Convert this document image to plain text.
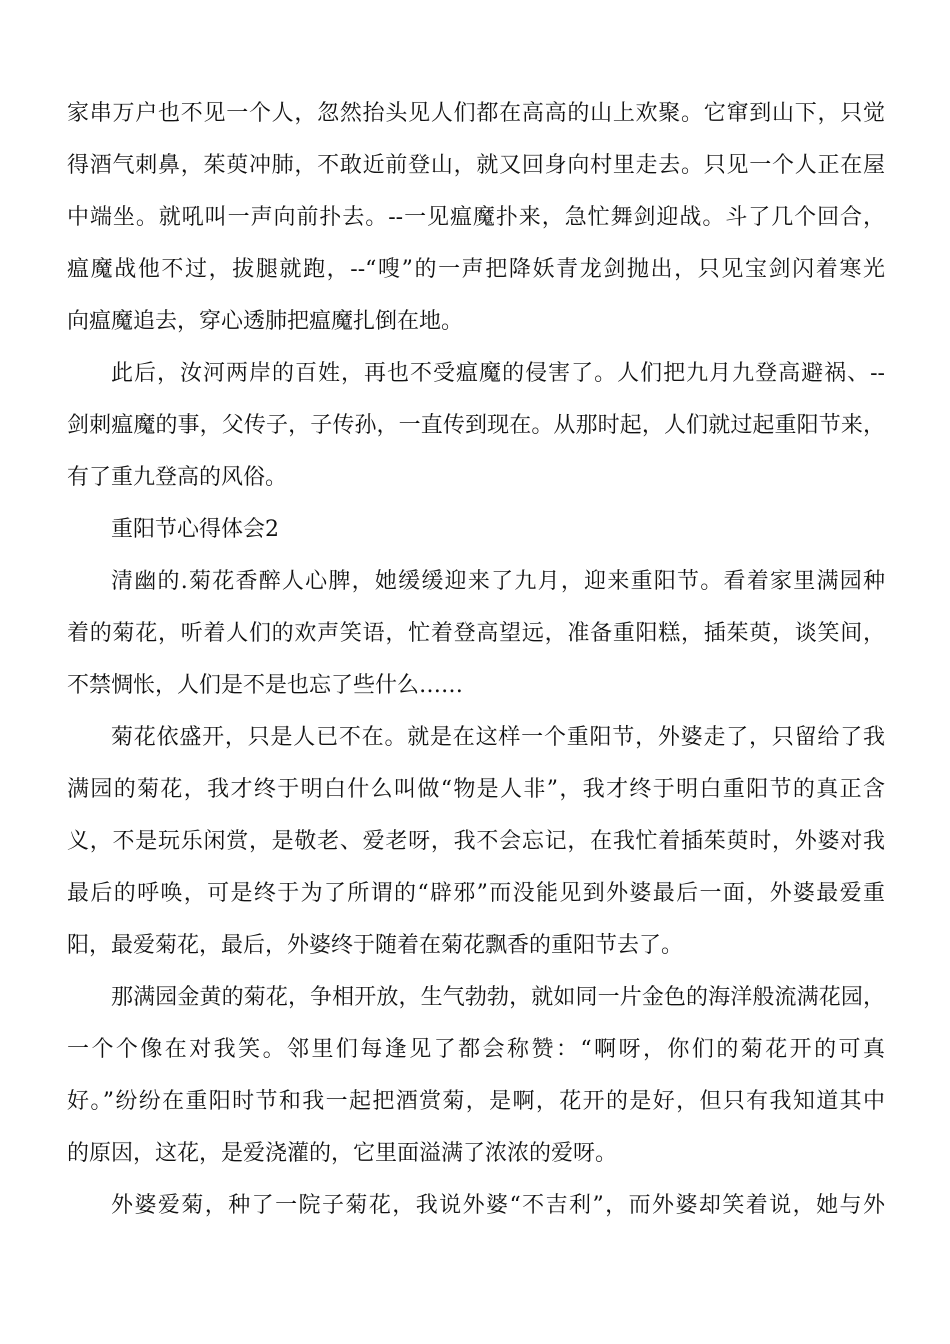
家串万户也不见一个人，忽然抬头见人们都在高高的山上欢聚。它窜到山下，只觉
得酒气刺鼻，茱萸冲肺，不敢近前登山，就又回身向村里走去。只见一个人正在屋
中端坐。就吼叫一声向前扑去。--一见瘟魔扑来，急忙舞剑迎战。斗了几个回合，
瘟魔战他不过，拔腿就跑，--“嗖”的一声把降妖青龙剑抛出，只见宝剑闪着寒光
向瘟魔追去，穿心透肺把瘟魔扎倒在地。
此后，汝河两岸的百姓，再也不受瘟魔的侵害了。人们把九月九登高避祸、--
剑刺瘟魔的事，父传子，子传孙，一直传到现在。从那时起，人们就过起重阳节来，
有了重九登高的风俗。
重阳节心得体会2
清幽的.菊花香醉人心脾，她缓缓迎来了九月，迎来重阳节。看着家里满园种
着的菊花，听着人们的欢声笑语，忙着登高望远，准备重阳糕，插茱萸，谈笑间，
不禁惆怅，人们是不是也忘了些什么……
菊花依盛开，只是人已不在。就是在这样一个重阳节，外婆走了，只留给了我
满园的菊花，我才终于明白什么叫做“物是人非”，我才终于明白重阳节的真正含
义，不是玩乐闲赏，是敬老、爱老呀，我不会忘记，在我忙着插茱萸时，外婆对我
最后的呼唤，可是终于为了所谓的“辟邪”而没能见到外婆最后一面，外婆最爱重
阳，最爱菊花，最后，外婆终于随着在菊花飘香的重阳节去了。
那满园金黄的菊花，争相开放，生气勃勃，就如同一片金色的海洋般流满花园，
一个个像在对我笑。邻里们每逢见了都会称赞：“啊呀，你们的菊花开的可真
好。”纷纷在重阳时节和我一起把酒赏菊，是啊，花开的是好，但只有我知道其中
的原因，这花，是爱浇灌的，它里面溢满了浓浓的爱呀。
外婆爱菊，种了一院子菊花，我说外婆“不吉利”，而外婆却笑着说，她与外
